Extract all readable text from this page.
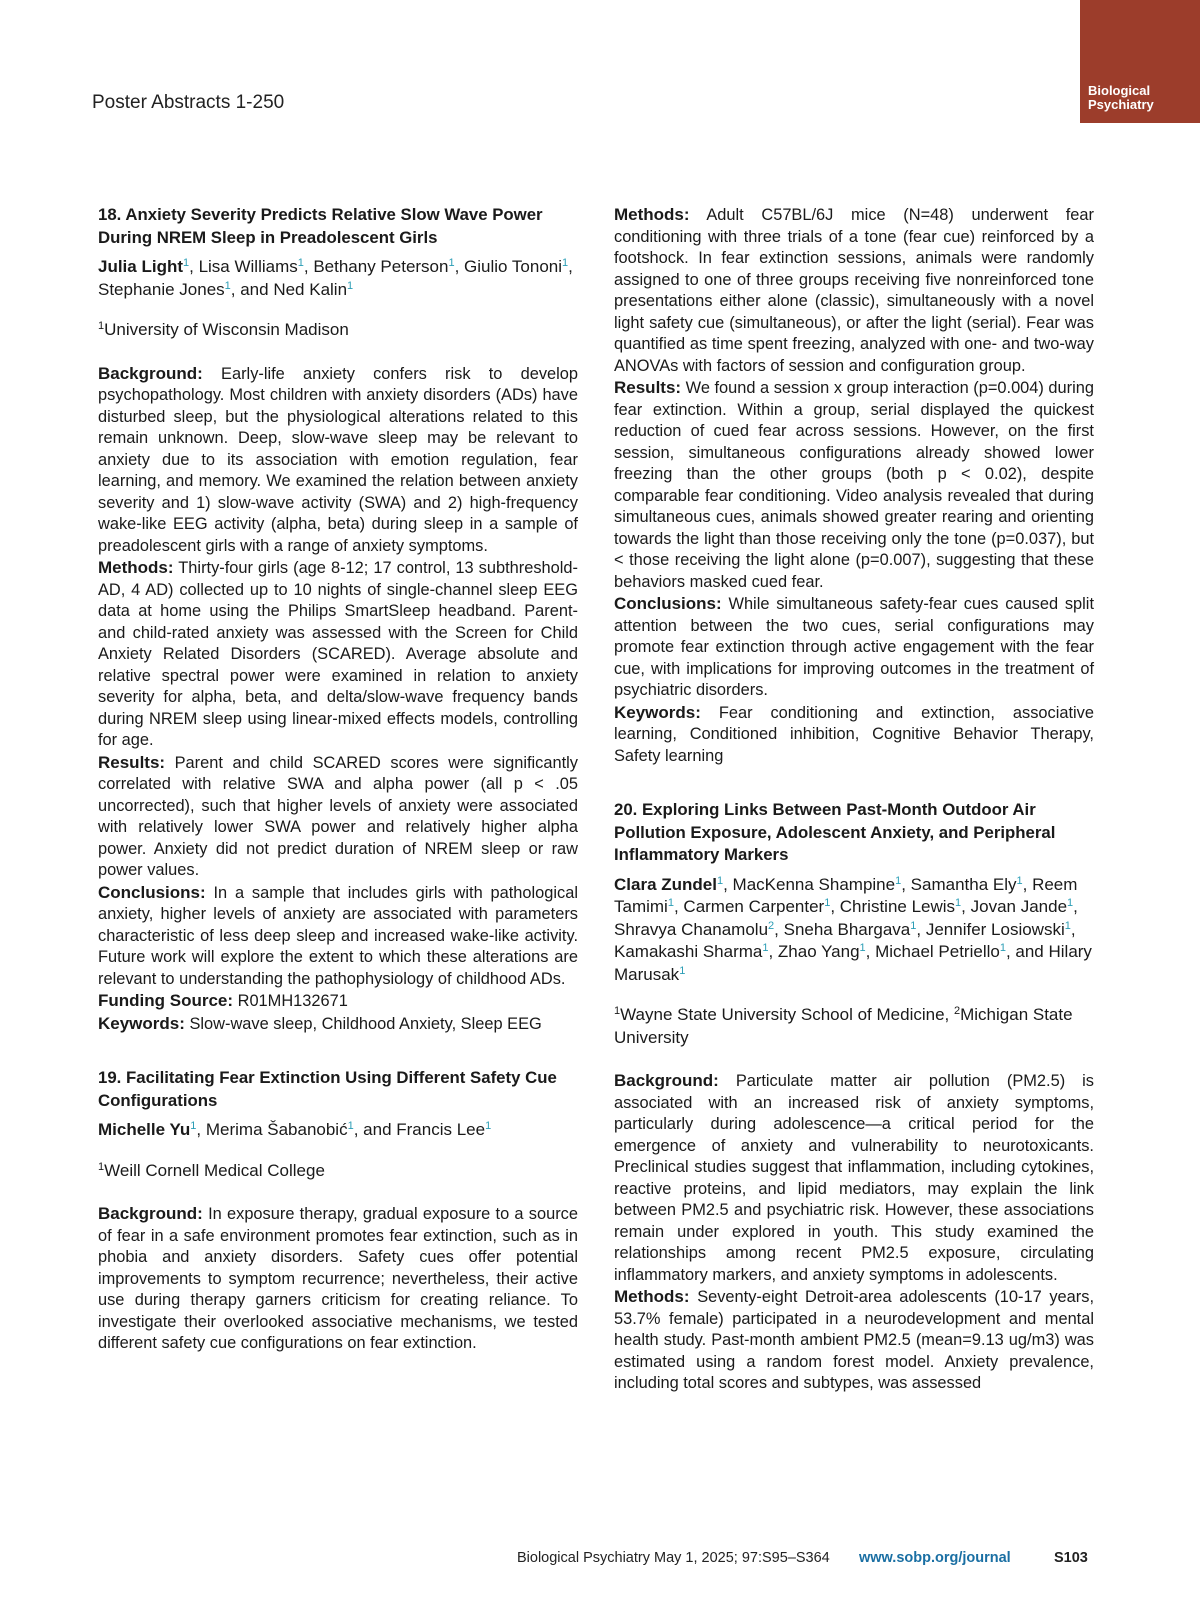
Poster Abstracts 1-250
Biological
Psychiatry
18. Anxiety Severity Predicts Relative Slow Wave Power During NREM Sleep in Preadolescent Girls
Julia Light$^1$, Lisa Williams$^1$, Bethany Peterson$^1$, Giulio Tononi$^1$, Stephanie Jones$^1$, and Ned Kalin$^1$
$^1$University of Wisconsin Madison

Background: Early-life anxiety confers risk to develop psychopathology. Most children with anxiety disorders (ADs) have disturbed sleep, but the physiological alterations related to this remain unknown. Deep, slow-wave sleep may be relevant to anxiety due to its association with emotion regulation, fear learning, and memory. We examined the relation between anxiety severity and 1) slow-wave activity (SWA) and 2) high-frequency wake-like EEG activity (alpha, beta) during sleep in a sample of preadolescent girls with a range of anxiety symptoms.

Methods: Thirty-four girls (age 8-12; 17 control, 13 subthreshold-AD, 4 AD) collected up to 10 nights of single-channel sleep EEG data at home using the Philips SmartSleep headband. Parent- and child-rated anxiety was assessed with the Screen for Child Anxiety Related Disorders (SCARED). Average absolute and relative spectral power were examined in relation to anxiety severity for alpha, beta, and delta/slow-wave frequency bands during NREM sleep using linear-mixed effects models, controlling for age.

Results: Parent and child SCARED scores were significantly correlated with relative SWA and alpha power (all p < .05 uncorrected), such that higher levels of anxiety were associated with relatively lower SWA power and relatively higher alpha power. Anxiety did not predict duration of NREM sleep or raw power values.

Conclusions: In a sample that includes girls with pathological anxiety, higher levels of anxiety are associated with parameters characteristic of less deep sleep and increased wake-like activity. Future work will explore the extent to which these alterations are relevant to understanding the pathophysiology of childhood ADs.

Funding Source: R01MH132671

Keywords: Slow-wave sleep, Childhood Anxiety, Sleep EEG

19. Facilitating Fear Extinction Using Different Safety Cue Configurations
Michelle Yu$^1$, Merima Šabanobić$^1$, and Francis Lee$^1$
$^1$Weill Cornell Medical College

Background: In exposure therapy, gradual exposure to a source of fear in a safe environment promotes fear extinction, such as in phobia and anxiety disorders. Safety cues offer potential improvements to symptom recurrence; nevertheless, their active use during therapy garners criticism for creating reliance. To investigate their overlooked associative mechanisms, we tested different safety cue configurations on fear extinction.

Methods: Adult C57BL/6J mice (N=48) underwent fear conditioning with three trials of a tone (fear cue) reinforced by a footshock. In fear extinction sessions, animals were randomly assigned to one of three groups receiving five nonreinforced tone presentations either alone (classic), simultaneously with a novel light safety cue (simultaneous), or after the light (serial). Fear was quantified as time spent freezing, analyzed with one- and two-way ANOVAs with factors of session and configuration group.

Results: We found a session x group interaction (p=0.004) during fear extinction. Within a group, serial displayed the quickest reduction of cued fear across sessions. However, on the first session, simultaneous configurations already showed lower freezing than the other groups (both p < 0.02), despite comparable fear conditioning. Video analysis revealed that during simultaneous cues, animals showed greater rearing and orienting towards the light than those receiving only the tone (p=0.037), but < those receiving the light alone (p=0.007), suggesting that these behaviors masked cued fear.

Conclusions: While simultaneous safety-fear cues caused split attention between the two cues, serial configurations may promote fear extinction through active engagement with the fear cue, with implications for improving outcomes in the treatment of psychiatric disorders.

Keywords: Fear conditioning and extinction, associative learning, Conditioned inhibition, Cognitive Behavior Therapy, Safety learning

20. Exploring Links Between Past-Month Outdoor Air Pollution Exposure, Adolescent Anxiety, and Peripheral Inflammatory Markers
Clara Zundel$^1$, MacKenna Shampine$^1$, Samantha Ely$^1$, Reem Tamimi$^1$, Carmen Carpenter$^1$, Christine Lewis$^1$, Jovan Jande$^1$, Shravya Chanamolu$^2$, Sneha Bhargava$^1$, Jennifer Losiowski$^1$, Kamakashi Sharma$^1$, Zhao Yang$^1$, Michael Petriello$^1$, and Hilary Marusak$^1$
$^1$Wayne State University School of Medicine, $^2$Michigan State University

Background: Particulate matter air pollution (PM2.5) is associated with an increased risk of anxiety symptoms, particularly during adolescence—a critical period for the emergence of anxiety and vulnerability to neurotoxicants. Preclinical studies suggest that inflammation, including cytokines, reactive proteins, and lipid mediators, may explain the link between PM2.5 and psychiatric risk. However, these associations remain under explored in youth. This study examined the relationships among recent PM2.5 exposure, circulating inflammatory markers, and anxiety symptoms in adolescents.

Methods: Seventy-eight Detroit-area adolescents (10-17 years, 53.7% female) participated in a neurodevelopment and mental health study. Past-month ambient PM2.5 (mean=9.13 ug/m3) was estimated using a random forest model. Anxiety prevalence, including total scores and subtypes, was assessed

Biological Psychiatry May 1, 2025; 97:S95–S364 www.sobp.org/journal	S103
